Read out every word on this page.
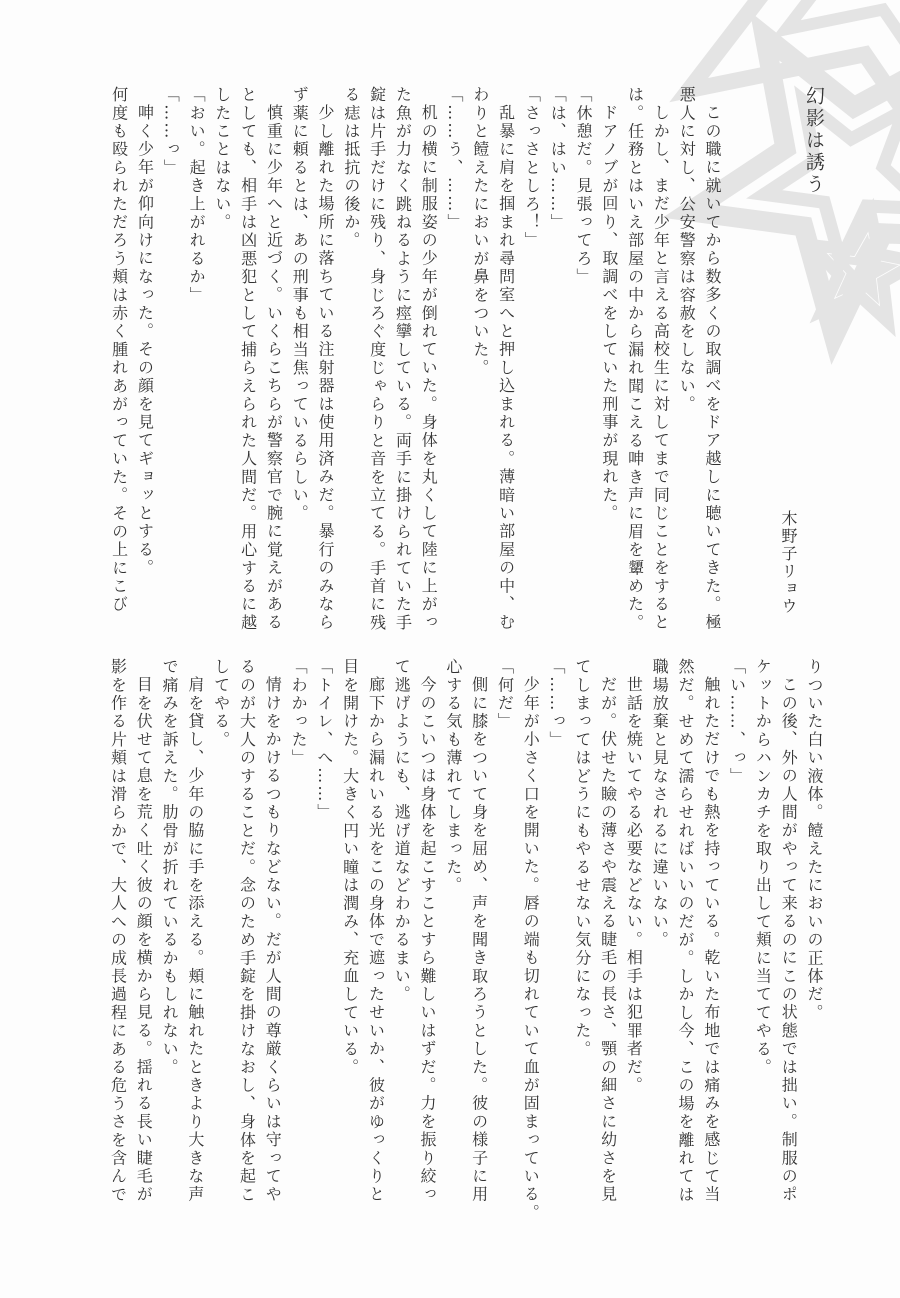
幻影は誘う
木野子リョウ
この職に就いてから数多くの取調べをドア越しに聴いてきた。極
悪人に対し、公安警察は容赦をしない。
しかし、まだ少年と言える高校生に対してまで同じことをすると
は。任務とはいえ部屋の中から漏れ聞こえる呻き声に眉を顰めた。
ドアノブが回り、取調べをしていた刑事が現れた。
「休憩だ。見張ってろ」
「は、はい……」
「さっさとしろ！」
乱暴に肩を掴まれ尋問室へと押し込まれる。薄暗い部屋の中、む
わりと饐えたにおいが鼻をついた。
「……う、……」
机の横に制服姿の少年が倒れていた。身体を丸くして陸に上がっ
た魚が力なく跳ねるように痙攣している。両手に掛けられていた手
錠は片手だけに残り、身じろぐ度じゃらりと音を立てる。手首に残
る痣は抵抗の後か。
少し離れた場所に落ちている注射器は使用済みだ。暴行のみなら
ず薬に頼るとは、あの刑事も相当焦っているらしい。
慎重に少年へと近づく。いくらこちらが警察官で腕に覚えがある
としても、相手は凶悪犯として捕らえられた人間だ。用心するに越
したことはない。
「おい。起き上がれるか」
「……っ」
呻く少年が仰向けになった。その顔を見てギョッとする。
何度も殴られただろう頬は赤く腫れあがっていた。その上にこび
りついた白い液体。饐えたにおいの正体だ。
この後、外の人間がやって来るのにこの状態では拙い。制服のポ
ケットからハンカチを取り出して頬に当ててやる。
「い……、っ」
触れただけでも熱を持っている。乾いた布地では痛みを感じて当
然だ。せめて濡らせればいいのだが。しかし今、この場を離れては
職場放棄と見なされるに違いない。
世話を焼いてやる必要などない。相手は犯罪者だ。
だが。伏せた瞼の薄さや震える睫毛の長さ、顎の細さに幼さを見
てしまってはどうにもやるせない気分になった。
「……っ」
少年が小さく口を開いた。唇の端も切れていて血が固まっている。
「何だ」
側に膝をついて身を屈め、声を聞き取ろうとした。彼の様子に用
心する気も薄れてしまった。
今のこいつは身体を起こすことすら難しいはずだ。力を振り絞っ
て逃げようにも、逃げ道などわかるまい。
廊下から漏れいる光をこの身体で遮ったせいか、彼がゆっくりと
目を開けた。大きく円い瞳は潤み、充血している。
「トイレ、へ……」
「わかった」
情けをかけるつもりなどない。だが人間の尊厳くらいは守ってや
るのが大人のすることだ。念のため手錠を掛けなおし、身体を起こ
してやる。
肩を貸し、少年の脇に手を添える。頬に触れたときより大きな声
で痛みを訴えた。肋骨が折れているかもしれない。
目を伏せて息を荒く吐く彼の顔を横から見る。揺れる長い睫毛が
影を作る片頬は滑らかで、大人への成長過程にある危うさを含んで
